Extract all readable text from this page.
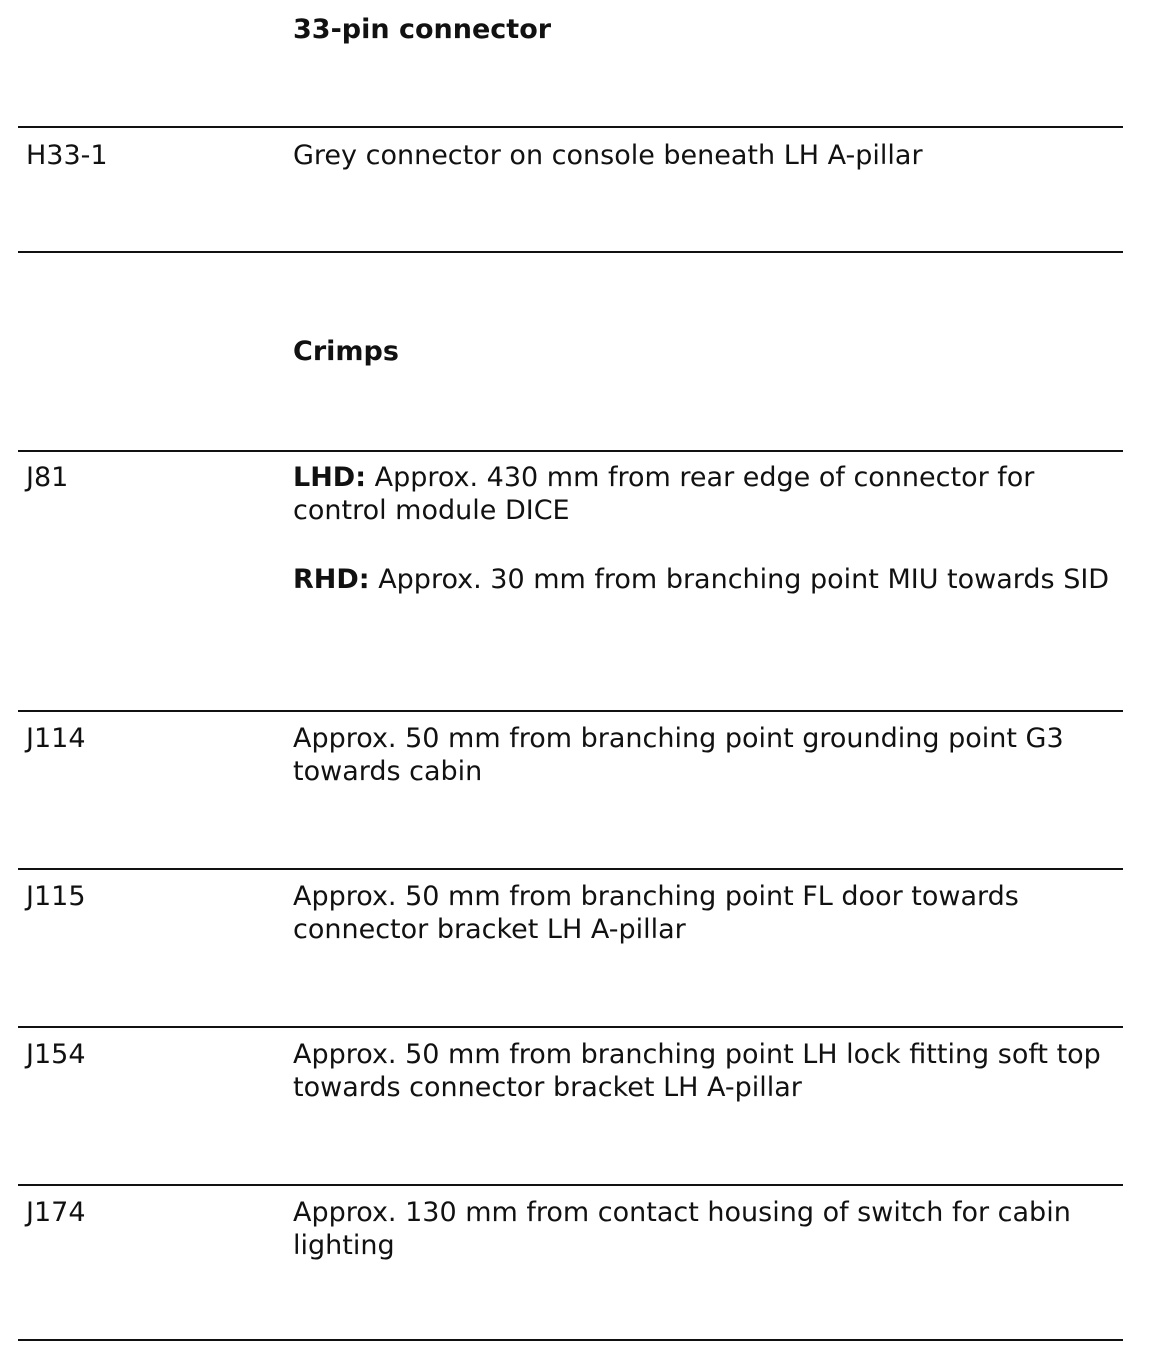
33-pin connector
H33-1	Grey connector on console beneath LH A-pillar
Crimps
J81	LHD: Approx. 430 mm from rear edge of connector for control module DICE

RHD: Approx. 30 mm from branching point MIU towards SID

J114	Approx. 50 mm from branching point grounding point G3 towards cabin
J115	Approx. 50 mm from branching point FL door towards connector bracket LH A-pillar
J154	Approx. 50 mm from branching point LH lock fitting soft top towards connector bracket LH A-pillar
J174	Approx. 130 mm from contact housing of switch for cabin lighting
